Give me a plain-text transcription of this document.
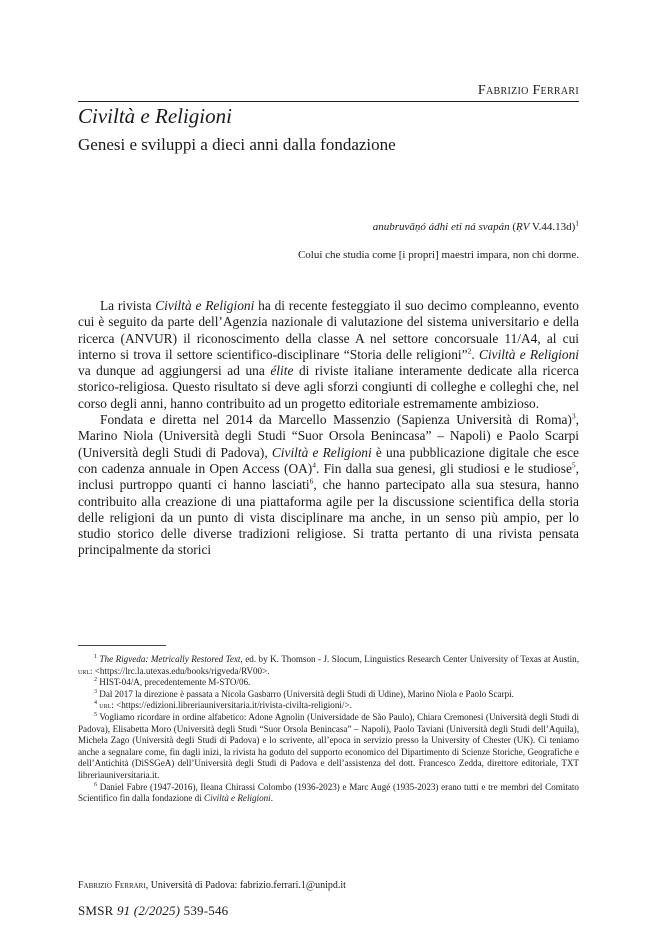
Fabrizio Ferrari
Civiltà e Religioni
Genesi e sviluppi a dieci anni dalla fondazione
anubruvāṇó ádhi eti ná svapán (ṚV V.44.13d)$^1$
Colui che studia come [i propri] maestri impara, non chi dorme.

La rivista Civiltà e Religioni ha di recente festeggiato il suo decimo compleanno, evento cui è seguito da parte dell’Agenzia nazionale di valutazione del sistema universitario e della ricerca (ANVUR) il riconoscimento della classe A nel settore concorsuale 11/A4, al cui interno si trova il settore scientifico-disciplinare “Storia delle religioni”$^2$. Civiltà e Religioni va dunque ad aggiungersi ad una élite di riviste italiane interamente dedicate alla ricerca storico-religiosa. Questo risultato si deve agli sforzi congiunti di colleghe e colleghi che, nel corso degli anni, hanno contribuito ad un progetto editoriale estremamente ambizioso.

Fondata e diretta nel 2014 da Marcello Massenzio (Sapienza Università di Roma)$^3$, Marino Niola (Università degli Studi “Suor Orsola Benincasa” – Napoli) e Paolo Scarpi (Università degli Studi di Padova), Civiltà e Religioni è una pubblicazione digitale che esce con cadenza annuale in Open Access (OA)$^4$. Fin dalla sua genesi, gli studiosi e le studiose$^5$, inclusi purtroppo quanti ci hanno lasciati$^6$, che hanno partecipato alla sua stesura, hanno contribuito alla creazione di una piattaforma agile per la discussione scientifica della storia delle religioni da un punto di vista disciplinare ma anche, in un senso più ampio, per lo studio storico delle diverse tradizioni religiose. Si tratta pertanto di una rivista pensata principalmente da storici

$^1$ The Rigveda: Metrically Restored Text, ed. by K. Thomson - J. Slocum, Linguistics Research Center University of Texas at Austin, url: <https://lrc.la.utexas.edu/books/rigveda/RV00>.

$^2$ HIST-04/A, precedentemente M-STO/06.

$^3$ Dal 2017 la direzione è passata a Nicola Gasbarro (Università degli Studi di Udine), Marino Niola e Paolo Scarpi.

$^4$ url: <https://edizioni.libreriauniversitaria.it/rivista-civilta-religioni/>.

$^5$ Vogliamo ricordare in ordine alfabetico: Adone Agnolin (Universidade de São Paulo), Chiara Cremonesi (Università degli Studi di Padova), Elisabetta Moro (Università degli Studi “Suor Orsola Benincasa” – Napoli), Paolo Taviani (Università degli Studi dell’Aquila), Michela Zago (Università degli Studi di Padova) e lo scrivente, all’epoca in servizio presso la University of Chester (UK). Ci teniamo anche a segnalare come, fin dagli inizi, la rivista ha goduto del supporto economico del Dipartimento di Scienze Storiche, Geografiche e dell’Antichità (DiSSGeA) dell’Università degli Studi di Padova e dell’assistenza del dott. Francesco Zedda, direttore editoriale, TXT libreriauniversitaria.it.

$^6$ Daniel Fabre (1947-2016), Ileana Chirassi Colombo (1936-2023) e Marc Augé (1935-2023) erano tutti e tre membri del Comitato Scientifico fin dalla fondazione di Civiltà e Religioni.

Fabrizio Ferrari, Università di Padova: fabrizio.ferrari.1@unipd.it
SMSR 91 (2/2025) 539-546
